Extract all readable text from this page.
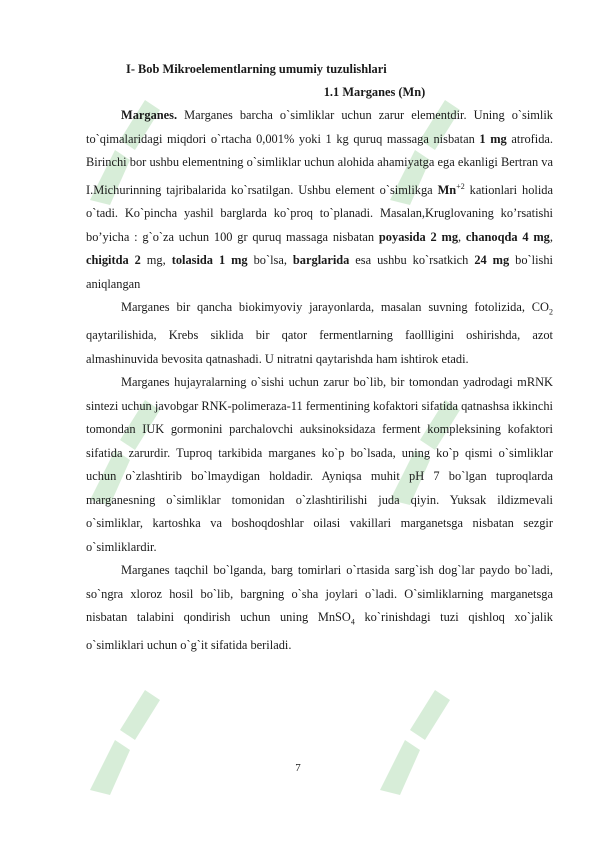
I- Bob Mikroelementlarning umumiy tuzulishlari
1.1 Marganes (Mn)

Marganes. Marganes barcha o`simliklar uchun zarur elementdir. Uning o`simlik to`qimalaridagi miqdori o`rtacha 0,001% yoki 1 kg quruq massaga nisbatan 1 mg atrofida. Birinchi bor ushbu elementning o`simliklar uchun alohida ahamiyatga ega ekanligi Bertran va I.Michurinning tajribalarida ko`rsatilgan. Ushbu element o`simlikga $Mn^{+2}$ kationlari holida o`tadi. Ko`pincha yashil barglarda ko`proq to`planadi. Masalan,Kruglovaning ko’rsatishi bo’yicha : g`o`za uchun 100 gr quruq massaga nisbatan poyasida 2 mg, chanoqda 4 mg, chigitda 2 mg, tolasida 1 mg bo`lsa, barglarida esa ushbu ko`rsatkich 24 mg bo`lishi aniqlangan

Marganes bir qancha biokimyoviy jarayonlarda, masalan suvning fotolizida, $CO_2$ qaytarilishida, Krebs siklida bir qator fermentlarning faollligini oshirishda, azot almashinuvida bevosita qatnashadi. U nitratni qaytarishda ham ishtirok etadi.

Marganes hujayralarning o`sishi uchun zarur bo`lib, bir tomondan yadrodagi mRNK sintezi uchun javobgar RNK-polimeraza-11 fermentining kofaktori sifatida qatnashsa ikkinchi tomondan IUK gormonini parchalovchi auksinoksidaza ferment kompleksining kofaktori sifatida zarurdir. Tuproq tarkibida marganes ko`p bo`lsada, uning ko`p qismi o`simliklar uchun o`zlashtirib bo`lmaydigan holdadir. Ayniqsa muhit pH 7 bo`lgan tuproqlarda marganesning o`simliklar tomonidan o`zlashtirilishi juda qiyin. Yuksak ildizmevali o`simliklar, kartoshka va boshoqdoshlar oilasi vakillari marganetsga nisbatan sezgir o`simliklardir.

Marganes taqchil bo`lganda, barg tomirlari o`rtasida sarg`ish dog`lar paydo bo`ladi, so`ngra xloroz hosil bo`lib, bargning o`sha joylari o`ladi. O`simliklarning marganetsga nisbatan talabini qondirish uchun uning MnSO$_4$ ko`rinishdagi tuzi qishloq xo`jalik o`simliklari uchun o`g`it sifatida beriladi.

7
